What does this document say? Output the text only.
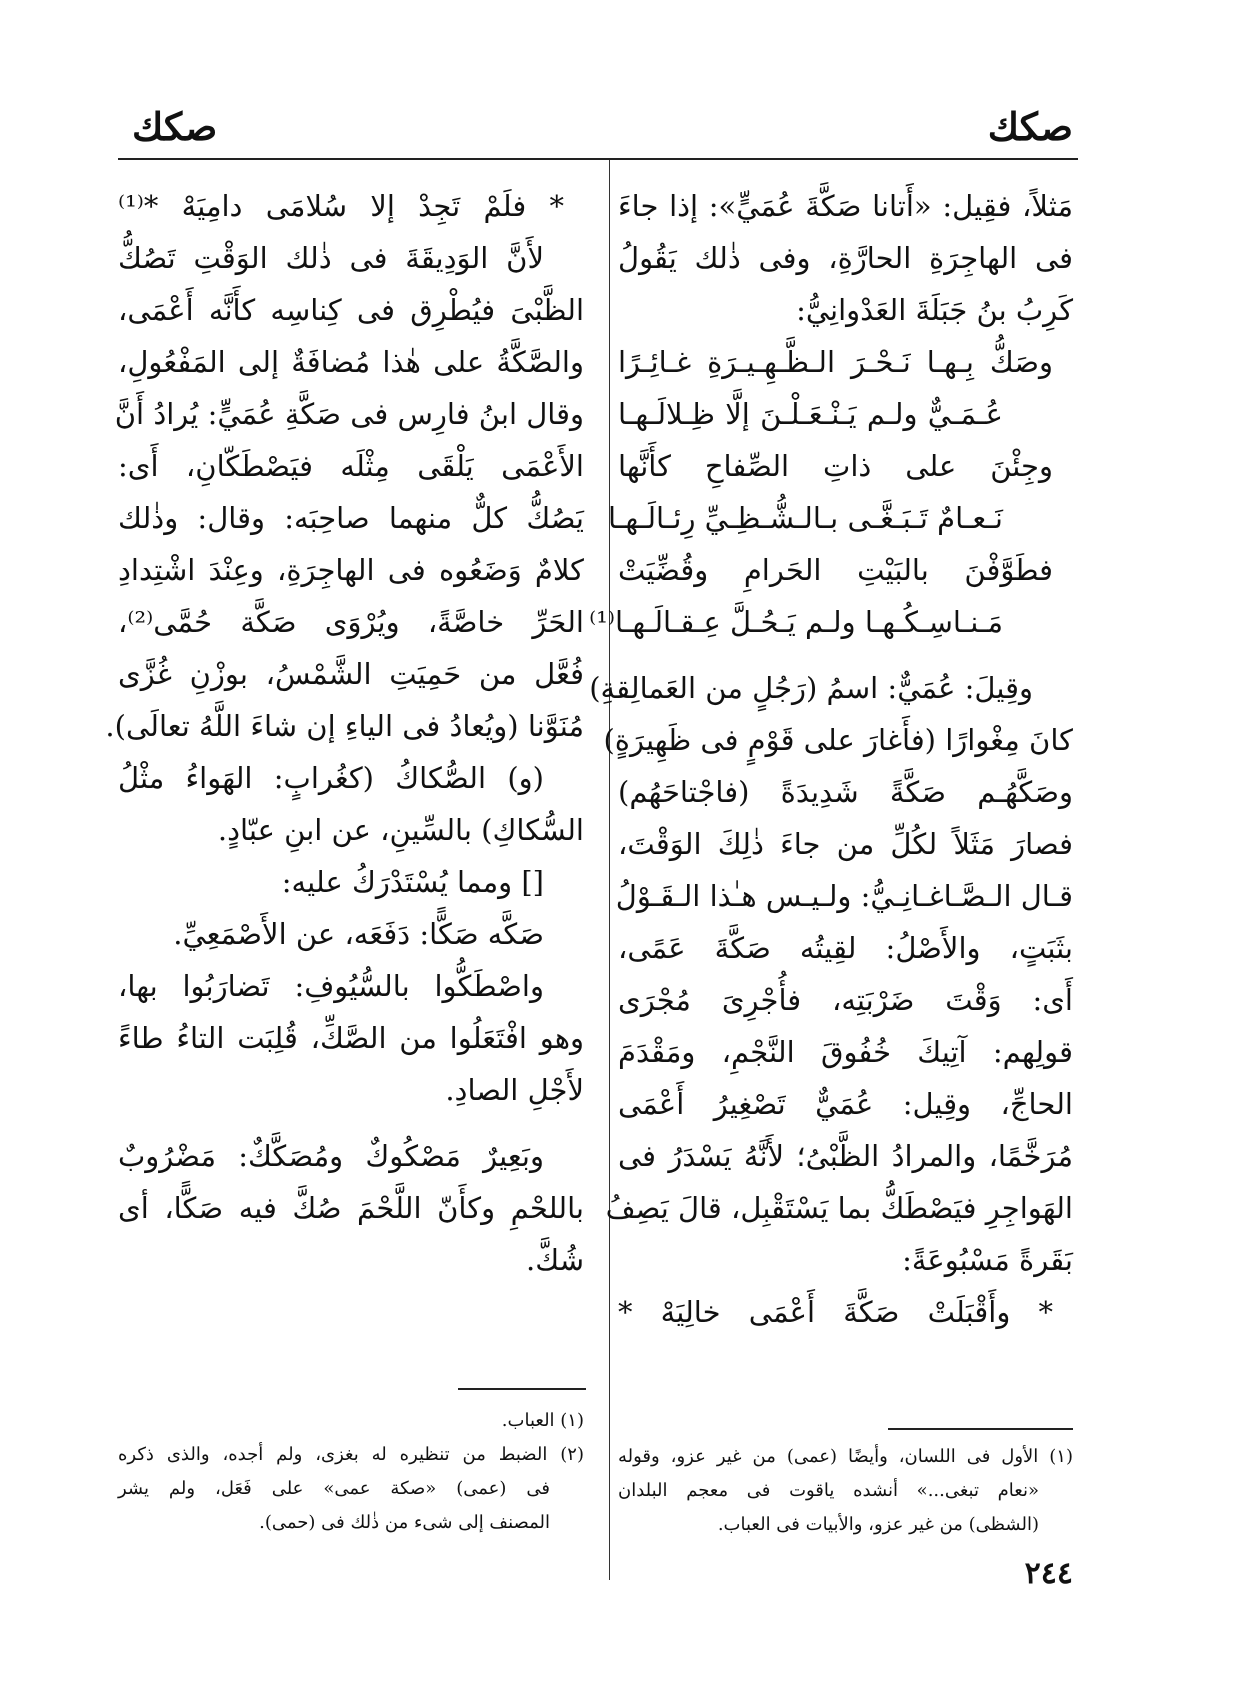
صكك
صكك
مَثلاً، فقِيل: «أَتانا صَكَّةَ عُمَيٍّ»: إذا جاءَ
فى الهاجِرَةِ الحارَّةِ، وفى ذٰلك يَقُولُ
كَرِبُ بنُ جَبَلَةَ العَدْوانِيُّ:
وصَكُّ بِـهـا نَـحْـرَ الـظَّـهِـيـرَةِ غـائِـرًا
عُـمَـيٌّ ولـم يَـنْـعَـلْـنَ إلَّا ظِـلالَـهـا
وجِئْنَ على ذاتِ الصِّفاحِ كأَنَّها
نَـعـامٌ تَـبَـغَّـى بـالـشُّـظِـيِّ رِئـالَـهـا
فطَوَّفْنَ بالبَيْتِ الحَرامِ وقُضِّيَتْ
مَـنـاسِـكُـهـا ولـم يَـحُـلَّ عِـقـالَـهـا⁽¹⁾
وقِيلَ: عُمَيٌّ: اسمُ (رَجُلٍ من العَمالِقةِ)
كانَ مِغْوارًا (فأَغارَ على قَوْمٍ فى ظَهِيرَةٍ)
وصَكَّهُـم صَكَّةً شَدِيدَةً (فاجْتاحَهُم)
فصارَ مَثَلاً لكُلِّ من جاءَ ذٰلِكَ الوَقْتَ،
قـال الـصَّـاغـانِـيُّ: ولـيـس هـٰذا الـقَـوْلُ
بثَبَتٍ، والأَصْلُ: لقِيتُه صَكَّةَ عَمًى،
أَى: وَقْتَ ضَرْبَتِه، فأُجْرِىَ مُجْرَى
قولِهم: آتِيكَ خُفُوقَ النَّجْمِ، ومَقْدَمَ
الحاجِّ، وقِيل: عُمَيٌّ تَصْغِيرُ أَعْمَى
مُرَخَّمًا، والمرادُ الظَّبْىُ؛ لأَنَّهُ يَسْدَرُ فى
الهَواجِرِ فيَصْطَكُّ بما يَسْتَقْبِل، قالَ يَصِفُ
بَقَرةً مَسْبُوعَةً:
* وأَقْبَلَتْ صَكَّةَ أَعْمَى خالِيَهْ *
* فلَمْ تَجِدْ إلا سُلامَى دامِيَهْ *⁽¹⁾
لأَنَّ الوَدِيقَةَ فى ذٰلك الوَقْتِ تَصُكُّ
الظَّبْىَ فيُطْرِق فى كِناسِه كأَنَّه أَعْمَى،
والصَّكَّةُ على هٰذا مُضافَةٌ إلى المَفْعُولِ،
وقال ابنُ فارِس فى صَكَّةِ عُمَيٍّ: يُرادُ أَنَّ
الأَعْمَى يَلْقَى مِثْلَه فيَصْطَكّانِ، أَى:
يَصُكُّ كلٌّ منهما صاحِبَه: وقال: وذٰلك
كلامٌ وَضَعُوه فى الهاجِرَةِ، وعِنْدَ اشْتِدادِ
الحَرِّ خاصَّةً، ويُرْوَى صَكَّة حُمَّى⁽²⁾،
فُعَّل من حَمِيَتِ الشَّمْسُ، بوزْنِ غُزَّى
مُنَوَّنا (ويُعادُ فى الياءِ إن شاءَ اللَّهُ تعالَى).
(و) الصُّكاكُ (كغُرابٍ: الهَواءُ مثْلُ
السُّكاكِ) بالسِّينِ، عن ابنِ عبّادٍ.
[] ومما يُسْتَدْرَكُ عليه:
صَكَّه صَكًّا: دَفَعَه، عن الأَصْمَعِيِّ.
واصْطَكُّوا بالسُّيُوفِ: تَضارَبُوا بها،
وهو افْتَعَلُوا من الصَّكِّ، قُلِبَت التاءُ طاءً
لأَجْلِ الصادِ.
وبَعِيرٌ مَصْكُوكٌ ومُصَكَّكٌ: مَضْرُوبٌ
باللحْمِ وكأَنّ اللَّحْمَ صُكَّ فيه صَكًّا، أى
شُكَّ.
(١) الأول فى اللسان، وأيضًا (عمى) من غير عزو، وقوله
«نعام تبغى...» أنشده ياقوت فى معجم البلدان
(الشظى) من غير عزو، والأبيات فى العباب.
(١) العباب.
(٢) الضبط من تنظيره له بغزى، ولم أجده، والذى ذكره
فى (عمى) «صكة عمى» على فَعَل، ولم يشر
المصنف إلى شىء من ذٰلك فى (حمى).
٢٤٤
